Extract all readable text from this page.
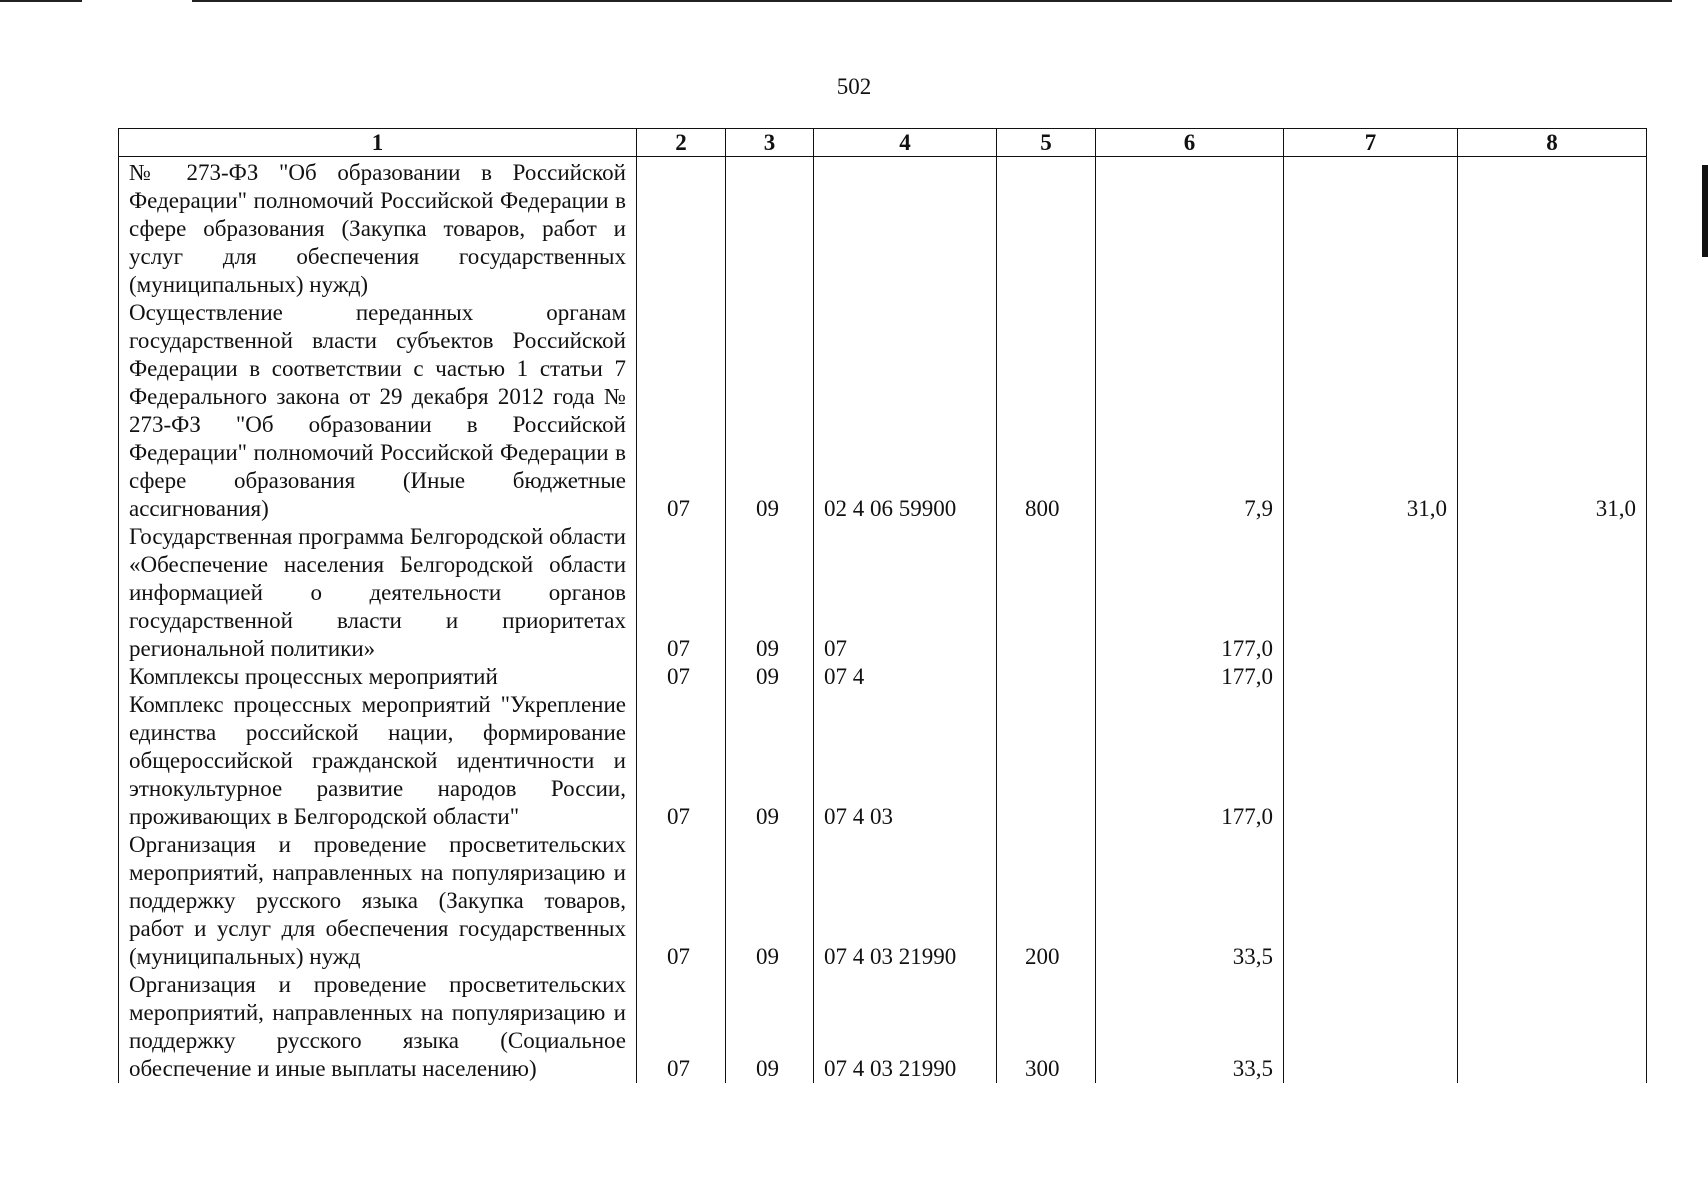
502
1	2	3	4	5	6	7	8
№ 273-ФЗ "Об образовании в Российской Федерации" полномочий Российской Федерации в сфере образования (Закупка товаров, работ и услуг для обеспечения государственных (муниципальных) нужд)							
Осуществление переданных органам государственной власти субъектов Российской Федерации в соответствии с частью 1 статьи 7 Федерального закона от 29 декабря 2012 года № 273-ФЗ "Об образовании в Российской Федерации" полномочий Российской Федерации в сфере образования (Иные бюджетные ассигнования)	07	09	02 4 06 59900	800	7,9	31,0	31,0
Государственная программа Белгородской области «Обеспечение населения Белгородской области информацией о деятельности органов государственной власти и приоритетах региональной политики»	07	09	07		177,0		
Комплексы процессных мероприятий	07	09	07 4		177,0		
Комплекс процессных мероприятий "Укрепление единства российской нации, формирование общероссийской гражданской идентичности и этнокультурное развитие народов России, проживающих в Белгородской области"	07	09	07 4 03		177,0		
Организация и проведение просветительских мероприятий, направленных на популяризацию и поддержку русского языка (Закупка товаров, работ и услуг для обеспечения государственных (муниципальных) нужд	07	09	07 4 03 21990	200	33,5		
Организация и проведение просветительских мероприятий, направленных на популяризацию и поддержку русского языка (Социальное обеспечение и иные выплаты населению)	07	09	07 4 03 21990	300	33,5		
